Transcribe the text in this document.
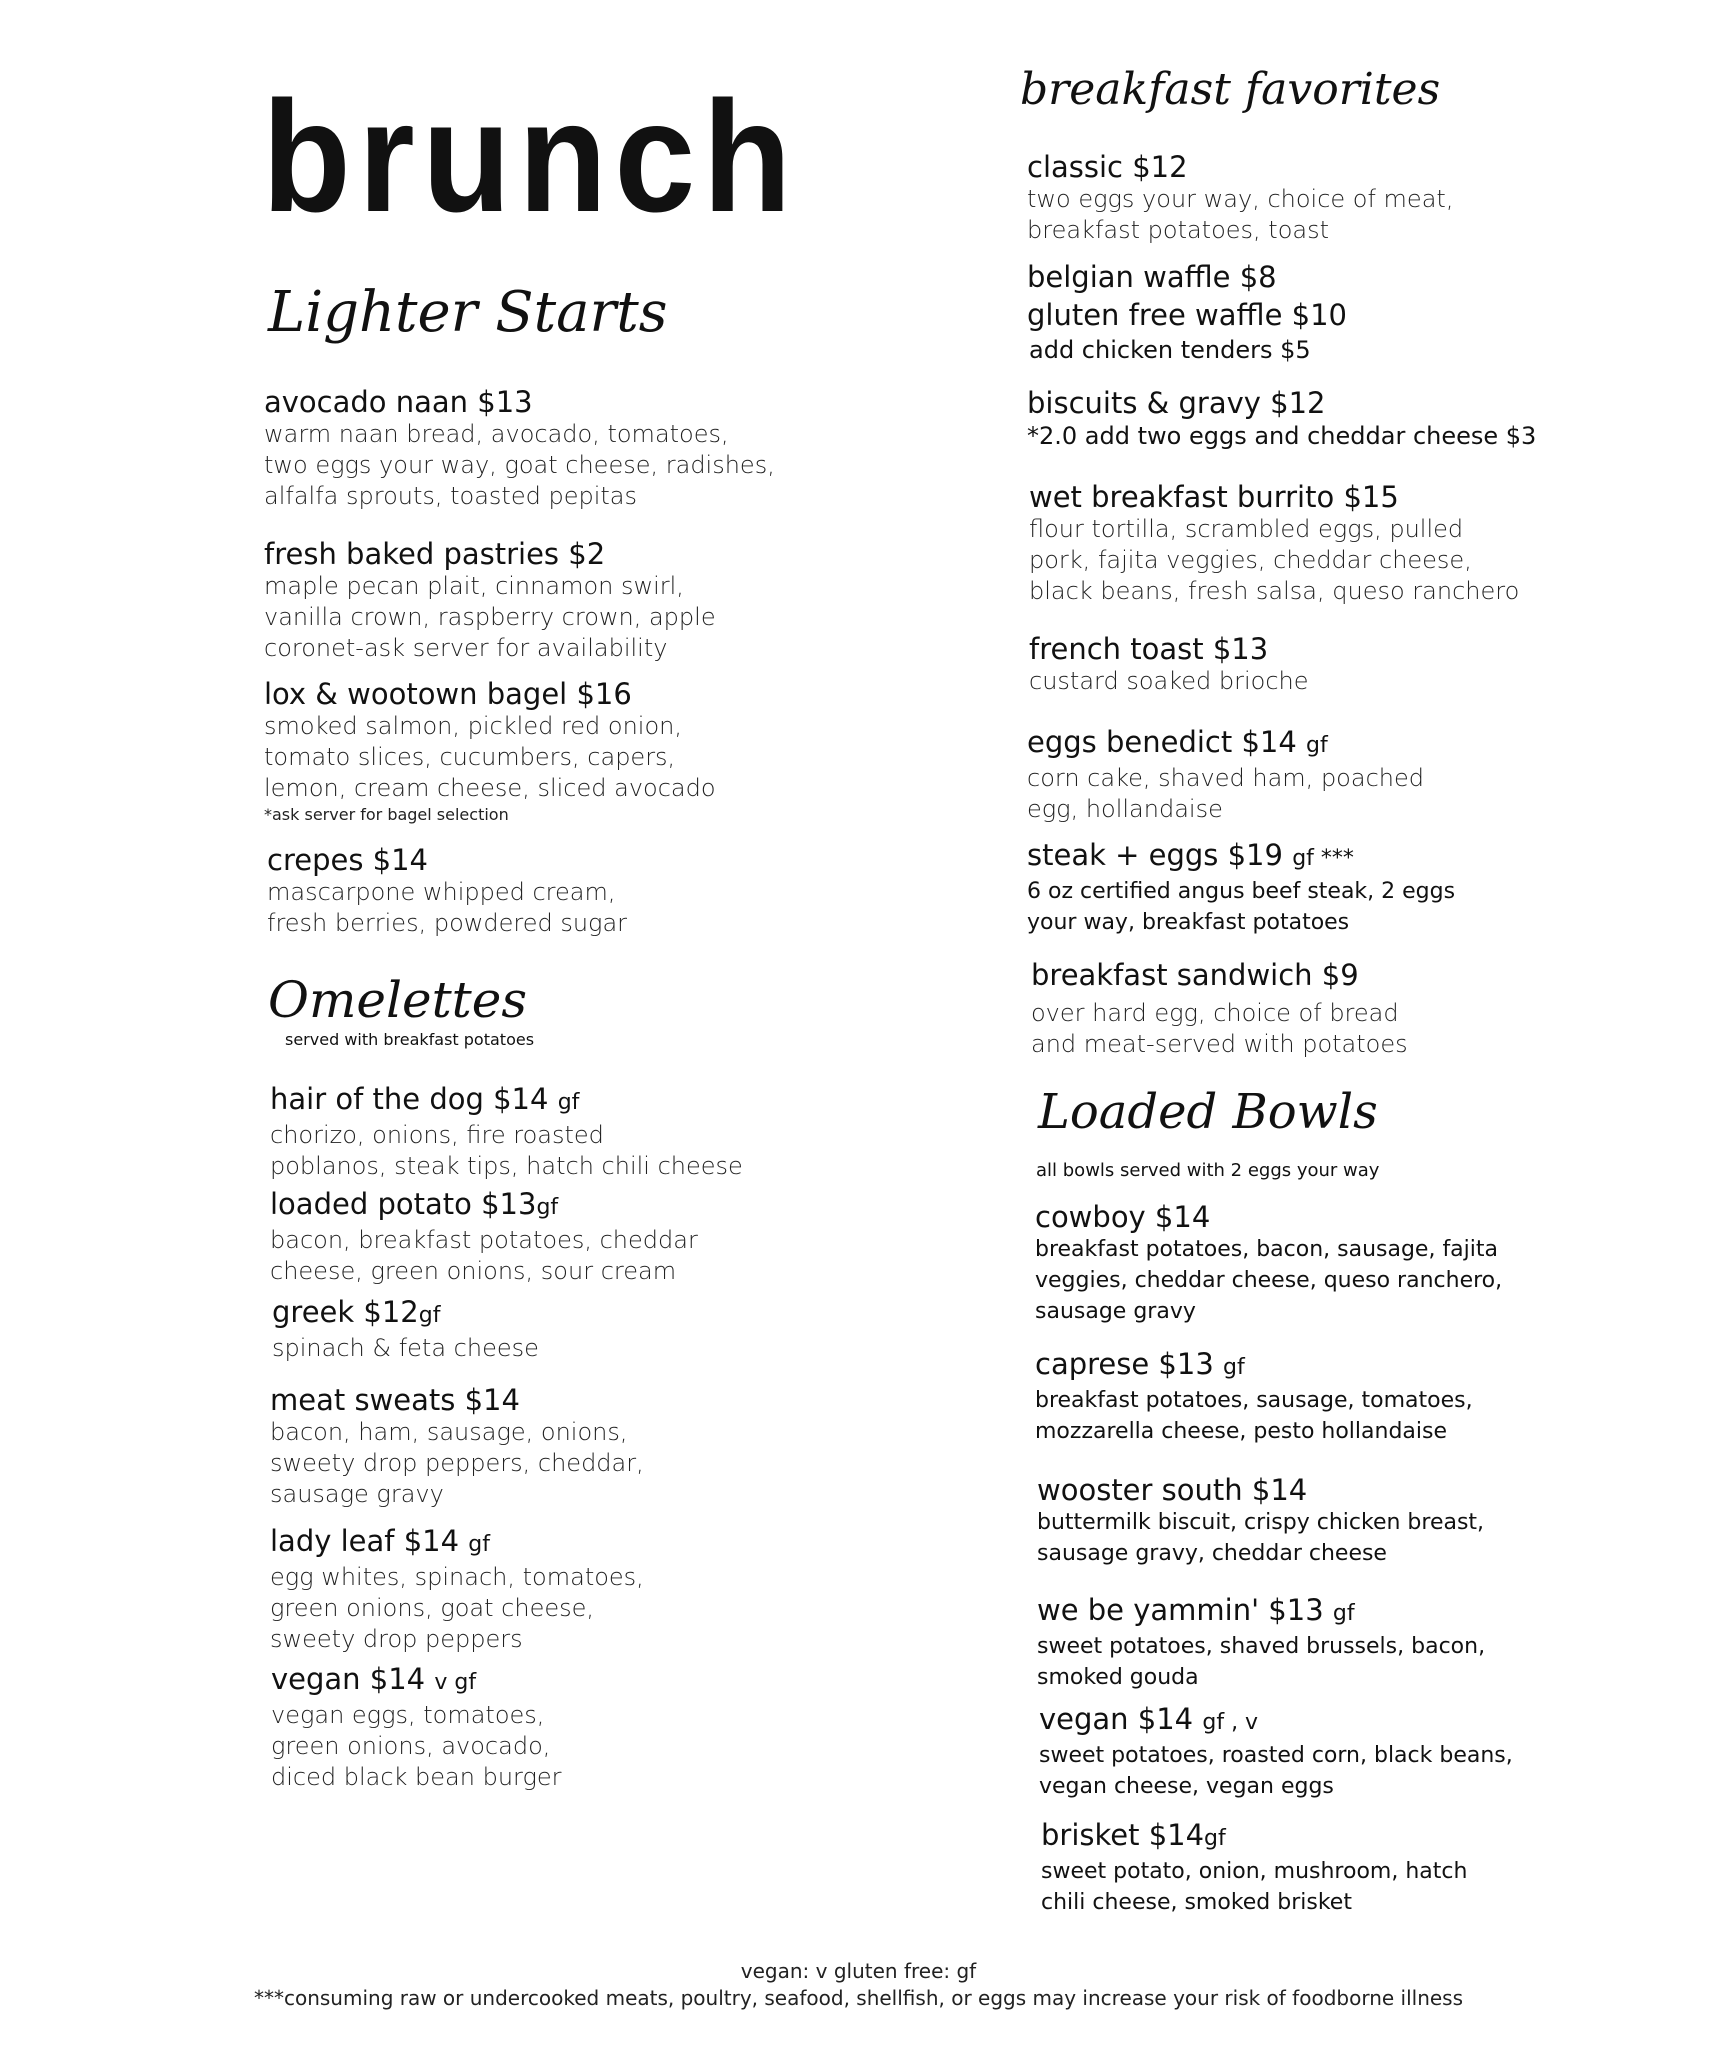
brunch
Lighter Starts
avocado naan $13
warm naan bread, avocado, tomatoes,
two eggs your way, goat cheese, radishes,
alfalfa sprouts, toasted pepitas
fresh baked pastries $2
maple pecan plait, cinnamon swirl,
vanilla crown, raspberry crown, apple
coronet-ask server for availability
lox & wootown bagel $16
smoked salmon, pickled red onion,
tomato slices, cucumbers, capers,
lemon, cream cheese, sliced avocado
*ask server for bagel selection
crepes $14
mascarpone whipped cream,
fresh berries, powdered sugar
Omelettes
served with breakfast potatoes
hair of the dog $14 gf
chorizo, onions, fire roasted
poblanos, steak tips, hatch chili cheese
loaded potato $13gf
bacon, breakfast potatoes, cheddar
cheese, green onions, sour cream
greek $12gf
spinach & feta cheese
meat sweats $14
bacon, ham, sausage, onions,
sweety drop peppers, cheddar,
sausage gravy
lady leaf $14 gf
egg whites, spinach, tomatoes,
green onions, goat cheese,
sweety drop peppers
vegan $14 v gf
vegan eggs, tomatoes,
green onions, avocado,
diced black bean burger
breakfast favorites
classic $12
two eggs your way, choice of meat,
breakfast potatoes, toast
belgian waffle $8
gluten free waffle $10
add chicken tenders $5
biscuits & gravy $12
*2.0 add two eggs and cheddar cheese $3
wet breakfast burrito $15
flour tortilla, scrambled eggs, pulled
pork, fajita veggies, cheddar cheese,
black beans, fresh salsa, queso ranchero
french toast $13
custard soaked brioche
eggs benedict $14 gf
corn cake, shaved ham, poached
egg, hollandaise
steak + eggs $19 gf ***
6 oz certified angus beef steak, 2 eggs
your way, breakfast potatoes
breakfast sandwich $9
over hard egg, choice of bread
and meat-served with potatoes
Loaded Bowls
all bowls served with 2 eggs your way
cowboy $14
breakfast potatoes, bacon, sausage, fajita
veggies, cheddar cheese, queso ranchero,
sausage gravy
caprese $13 gf
breakfast potatoes, sausage, tomatoes,
mozzarella cheese, pesto hollandaise
wooster south $14
buttermilk biscuit, crispy chicken breast,
sausage gravy, cheddar cheese
we be yammin' $13 gf
sweet potatoes, shaved brussels, bacon,
smoked gouda
vegan $14 gf , v
sweet potatoes, roasted corn, black beans,
vegan cheese, vegan eggs
brisket $14gf
sweet potato, onion, mushroom, hatch
chili cheese, smoked brisket
vegan: v gluten free: gf
***consuming raw or undercooked meats, poultry, seafood, shellfish, or eggs may increase your risk of foodborne illness
